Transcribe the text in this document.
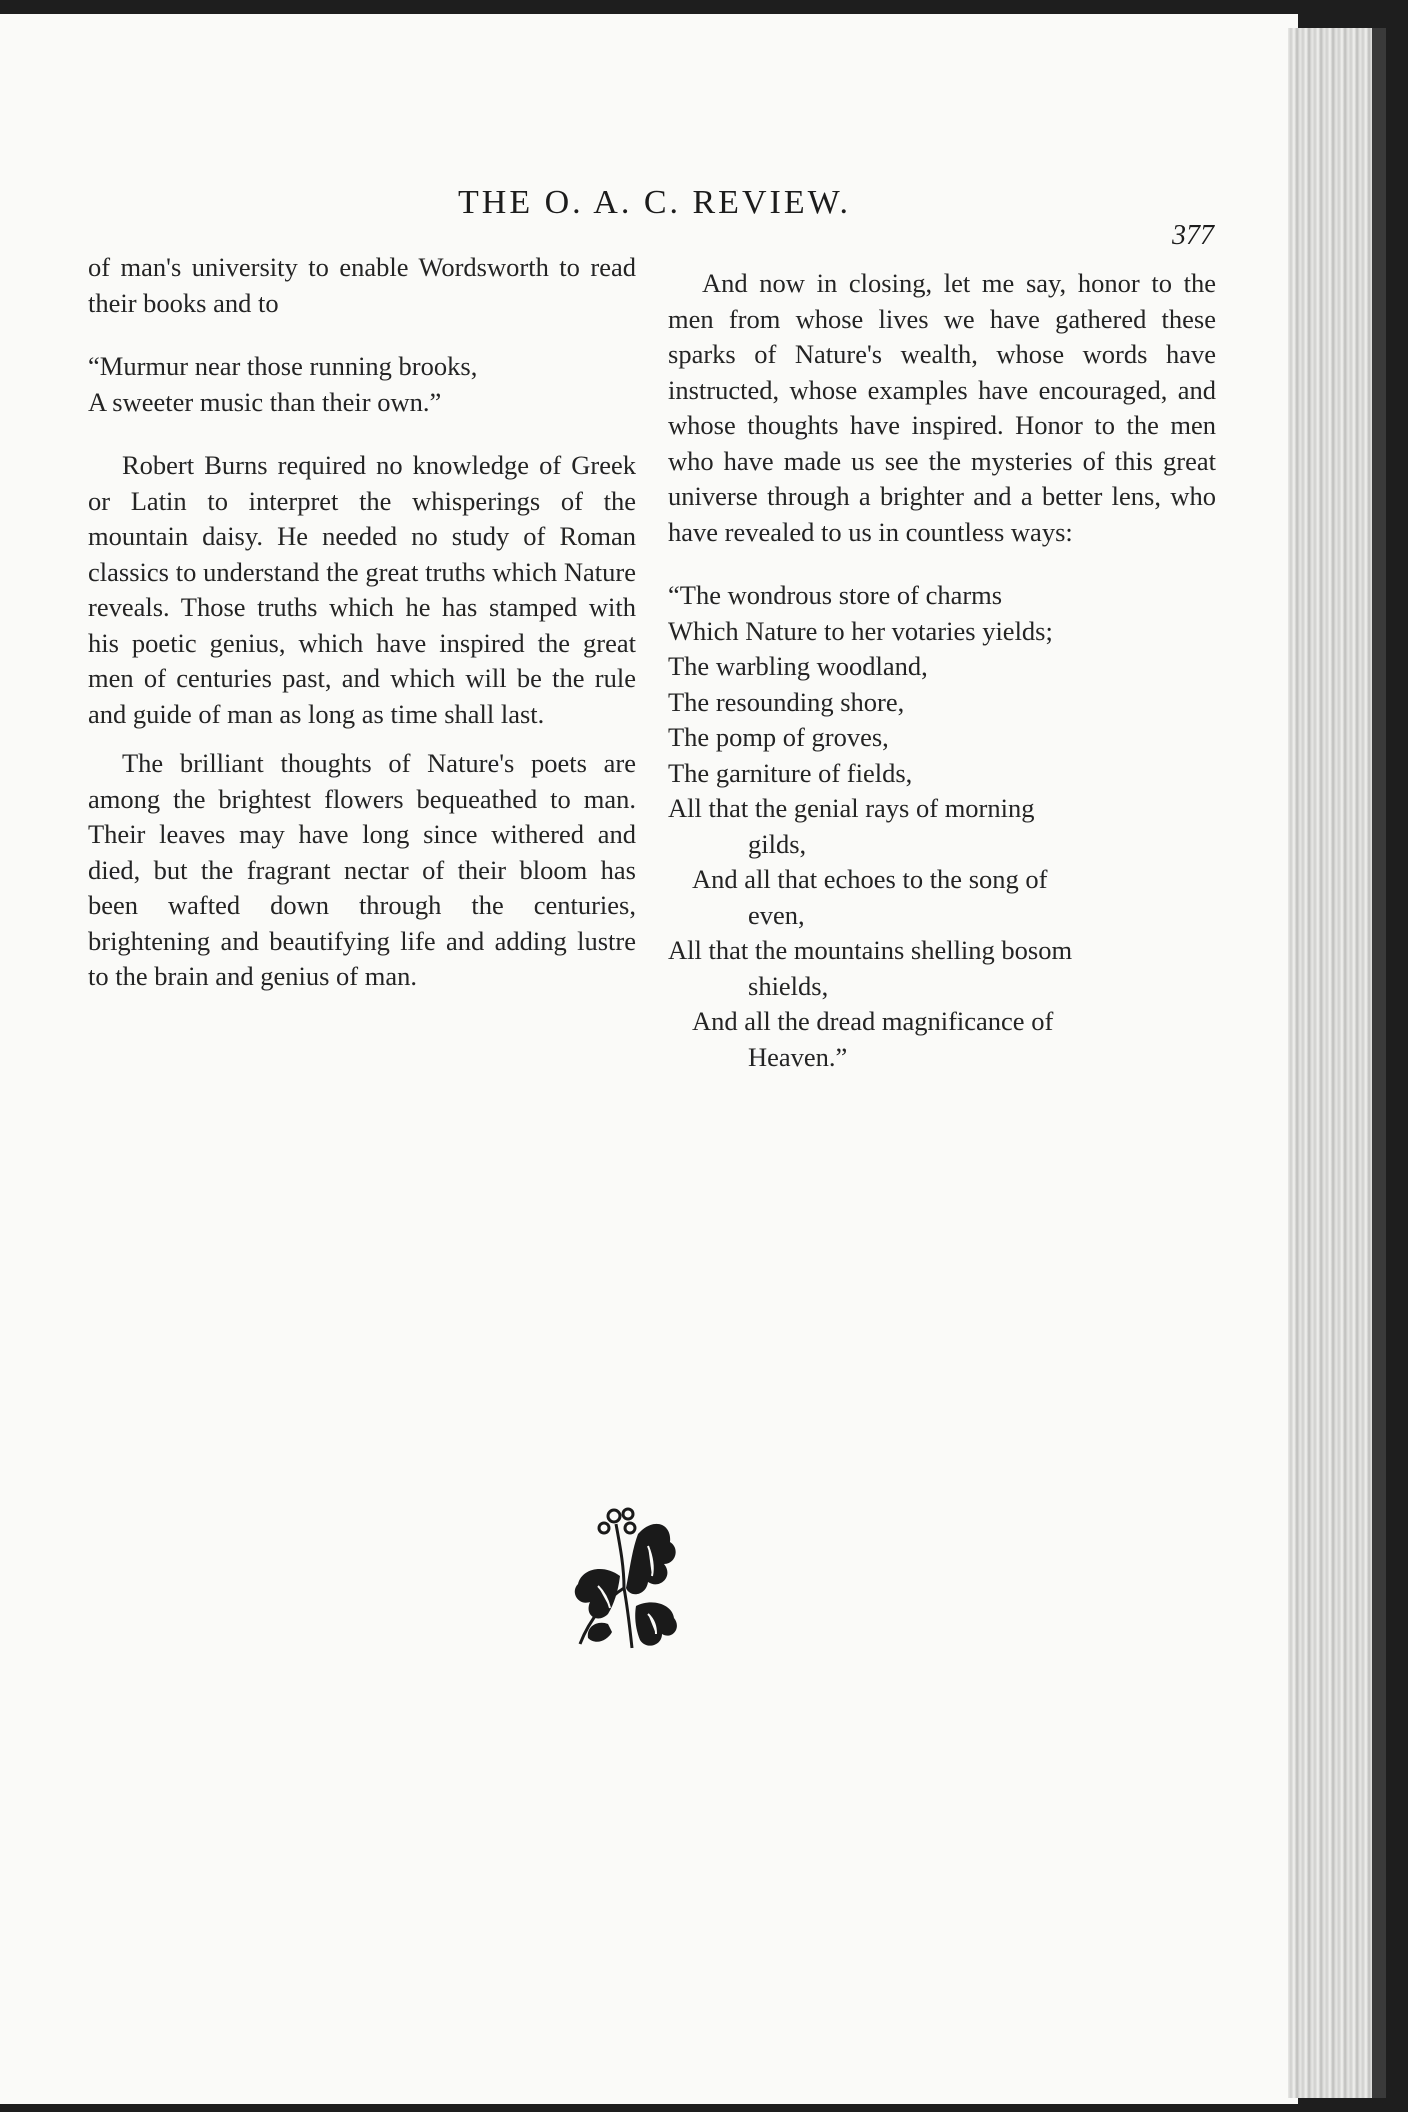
THE O. A. C. REVIEW.
377

of man's university to enable Wordsworth to read their books and to

“Murmur near those running brooks,
A sweeter music than their own.”

Robert Burns required no knowledge of Greek or Latin to interpret the whisperings of the mountain daisy. He needed no study of Roman classics to understand the great truths which Nature reveals. Those truths which he has stamped with his poetic genius, which have inspired the great men of centuries past, and which will be the rule and guide of man as long as time shall last.

The brilliant thoughts of Nature's poets are among the brightest flowers bequeathed to man. Their leaves may have long since withered and died, but the fragrant nectar of their bloom has been wafted down through the centuries, brightening and beautifying life and adding lustre to the brain and genius of man.

And now in closing, let me say, honor to the men from whose lives we have gathered these sparks of Nature's wealth, whose words have instructed, whose examples have encouraged, and whose thoughts have inspired. Honor to the men who have made us see the mysteries of this great universe through a brighter and a better lens, who have revealed to us in countless ways:

“The wondrous store of charms
Which Nature to her votaries yields;
The warbling woodland,
The resounding shore,
The pomp of groves,
The garniture of fields,
All that the genial rays of morning
gilds,
And all that echoes to the song of
even,
All that the mountains shelling bosom
shields,
And all the dread magnificance of
Heaven.”
